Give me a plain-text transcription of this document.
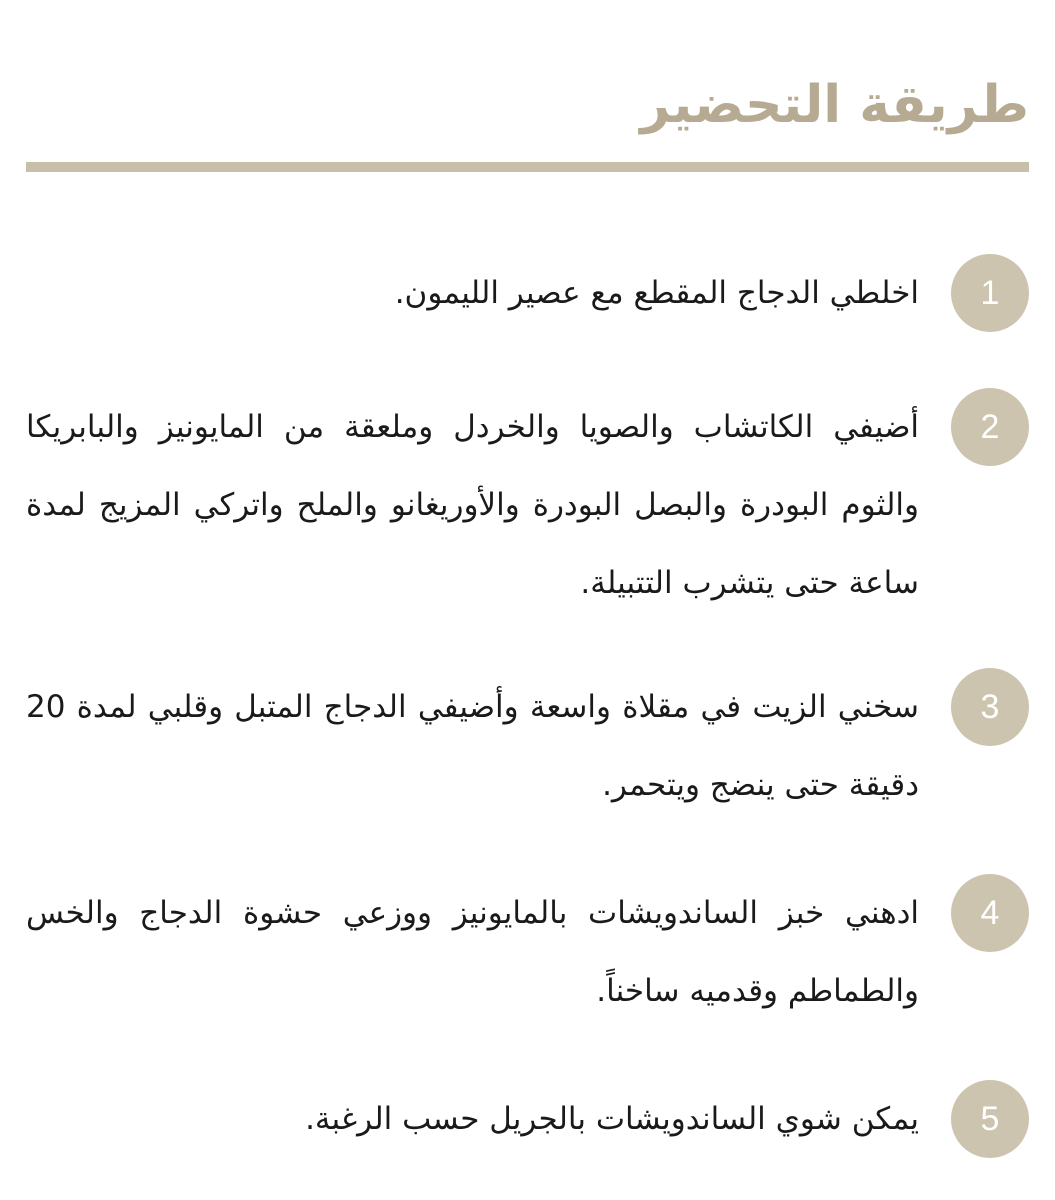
طريقة التحضير
1

اخلطي الدجاج المقطع مع عصير الليمون.

2

أضيفي الكاتشاب والصويا والخردل وملعقة من المايونيز والبابريكا والثوم البودرة والبصل البودرة والأوريغانو والملح واتركي المزيج لمدة ساعة حتى يتشرب التتبيلة.

3

سخني الزيت في مقلاة واسعة وأضيفي الدجاج المتبل وقلبي لمدة 20 دقيقة حتى ينضج ويتحمر.

4

ادهني خبز الساندويشات بالمايونيز ووزعي حشوة الدجاج والخس والطماطم وقدميه ساخناً.

5

يمكن شوي الساندويشات بالجريل حسب الرغبة.
